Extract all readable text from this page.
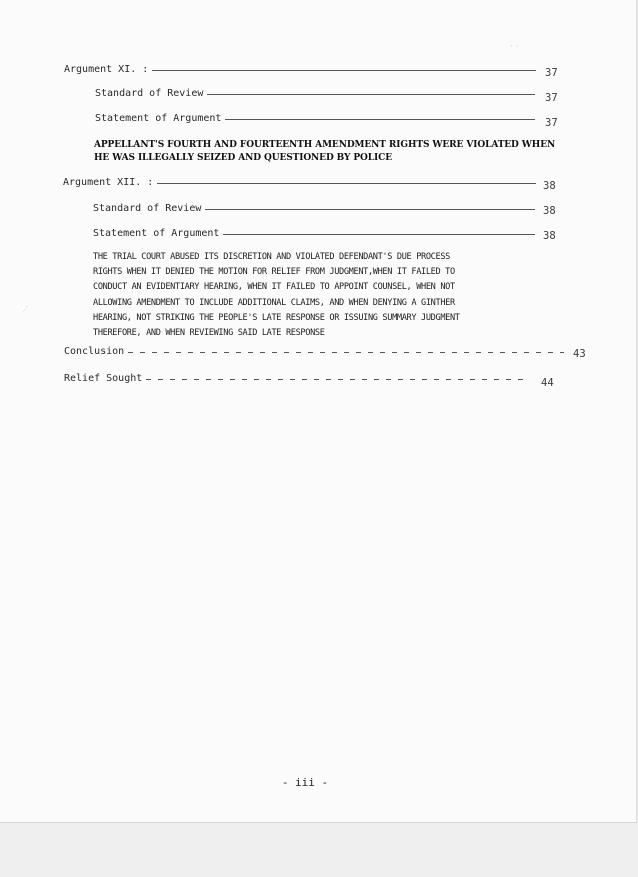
‧ ‧
‧‧‧
Argument XI. :	37
Standard of Review	37
Statement of Argument	37
APPELLANT'S FOURTH AND FOURTEENTH AMENDMENT RIGHTS WERE VIOLATED WHEN
HE WAS ILLEGALLY SEIZED AND QUESTIONED BY POLICE
Argument XII. :	38
Standard of Review	38
Statement of Argument	38
THE TRIAL COURT ABUSED ITS DISCRETION AND VIOLATED DEFENDANT'S DUE PROCESS
RIGHTS WHEN IT DENIED THE MOTION FOR RELIEF FROM JUDGMENT,WHEN IT FAILED TO
CONDUCT AN EVIDENTIARY HEARING, WHEN IT FAILED TO APPOINT COUNSEL, WHEN NOT
ALLOWING AMENDMENT TO INCLUDE ADDITIONAL CLAIMS, AND WHEN DENYING A GINTHER
HEARING, NOT STRIKING THE PEOPLE'S LATE RESPONSE OR ISSUING SUMMARY JUDGMENT
THEREFORE, AND WHEN REVIEWING SAID LATE RESPONSE
Conclusion	43
Relief Sought	44
- iii -
